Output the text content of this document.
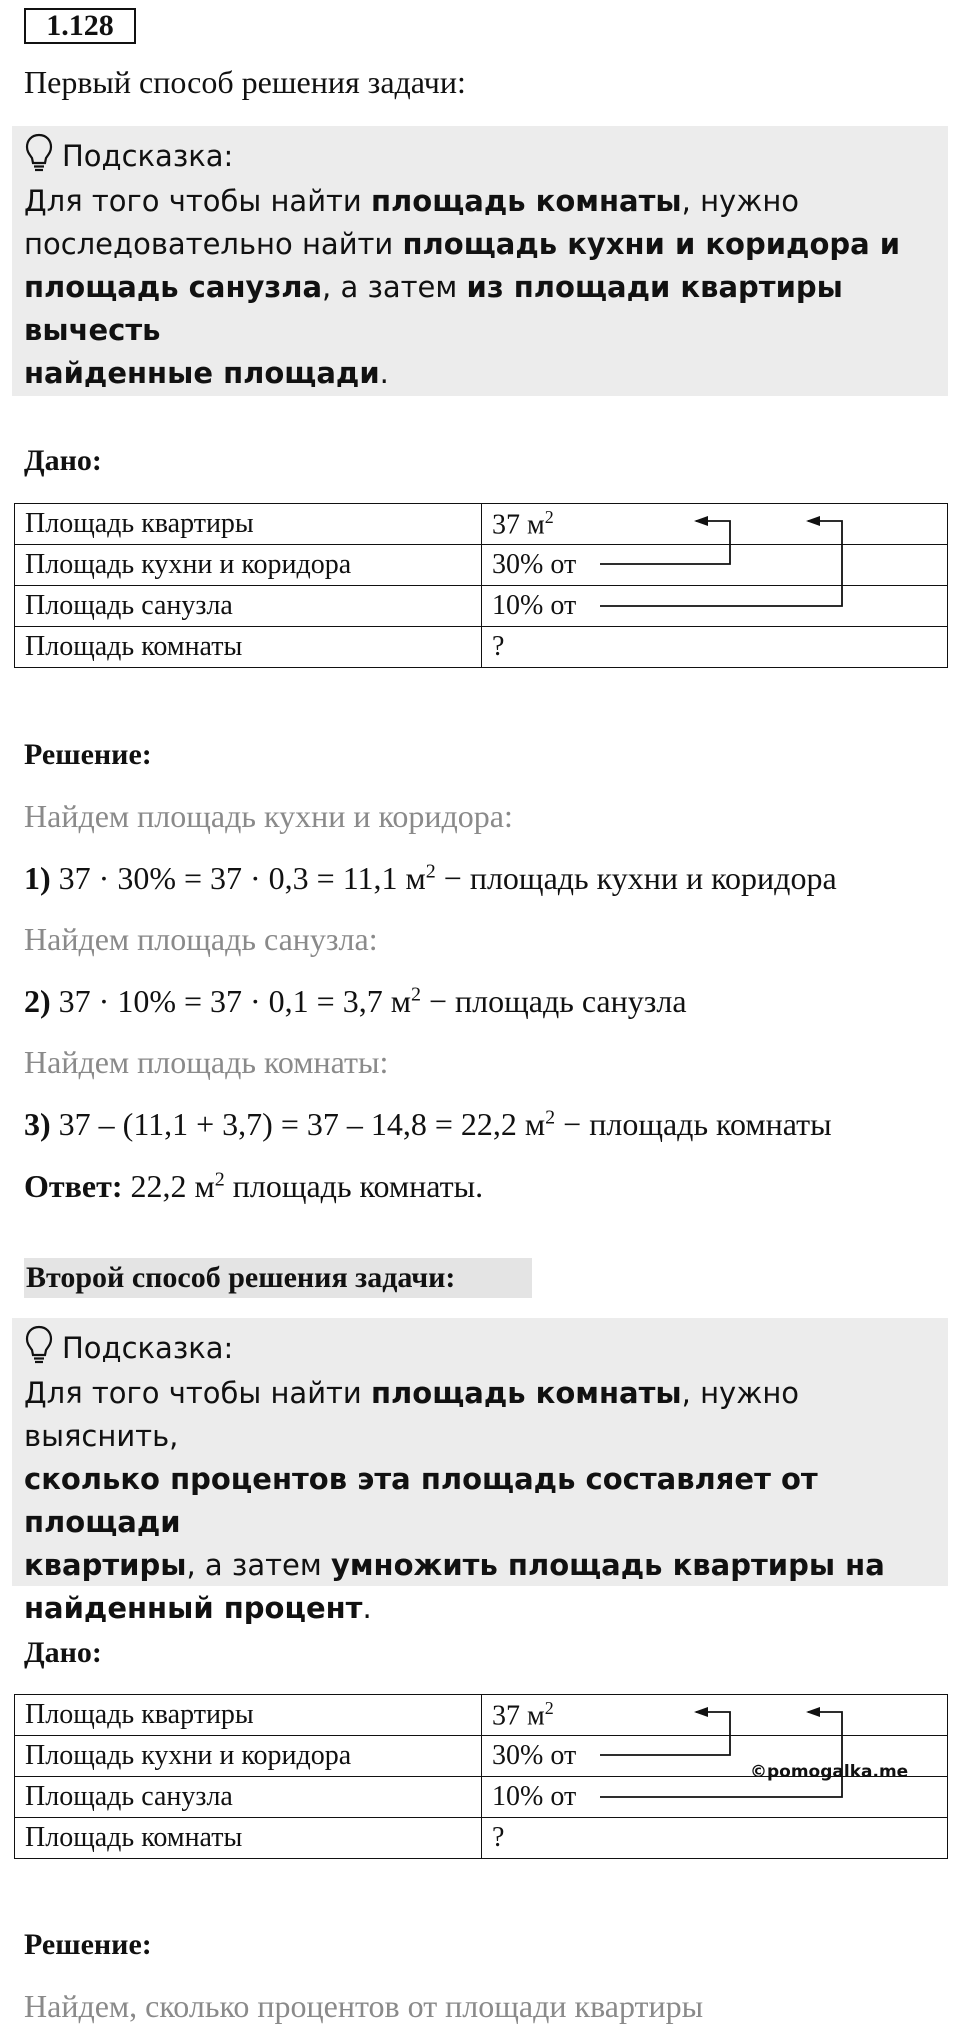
1.128
Первый способ решения задачи:
Подсказка:
Для того чтобы найти площадь комнаты, нужно
последовательно найти площадь кухни и коридора и
площадь санузла, а затем из площади квартиры вычесть
найденные площади.
Дано:
Площадь квартиры	37 $м^2$
Площадь кухни и коридора	30% от
Площадь санузла	10% от
Площадь комнаты	?
Решение:
Найдем площадь кухни и коридора:
1) 37 · 30% = 37 · 0,3 = 11,1 $м^2$ − площадь кухни и коридора
Найдем площадь санузла:
2) 37 · 10% = 37 · 0,1 = 3,7 $м^2$ − площадь санузла
Найдем площадь комнаты:
3) 37 – (11,1 + 3,7) = 37 – 14,8 = 22,2 $м^2$ − площадь комнаты
Ответ: 22,2 $м^2$ площадь комнаты.
Второй способ решения задачи:
Подсказка:
Для того чтобы найти площадь комнаты, нужно выяснить,
сколько процентов эта площадь составляет от площади
квартиры, а затем умножить площадь квартиры на
найденный процент.
Дано:
Площадь квартиры	37 $м^2$
Площадь кухни и коридора	30% от
Площадь санузла	10% от
Площадь комнаты	?
©pomogalka.me
Решение:
Найдем, сколько процентов от площади квартиры
